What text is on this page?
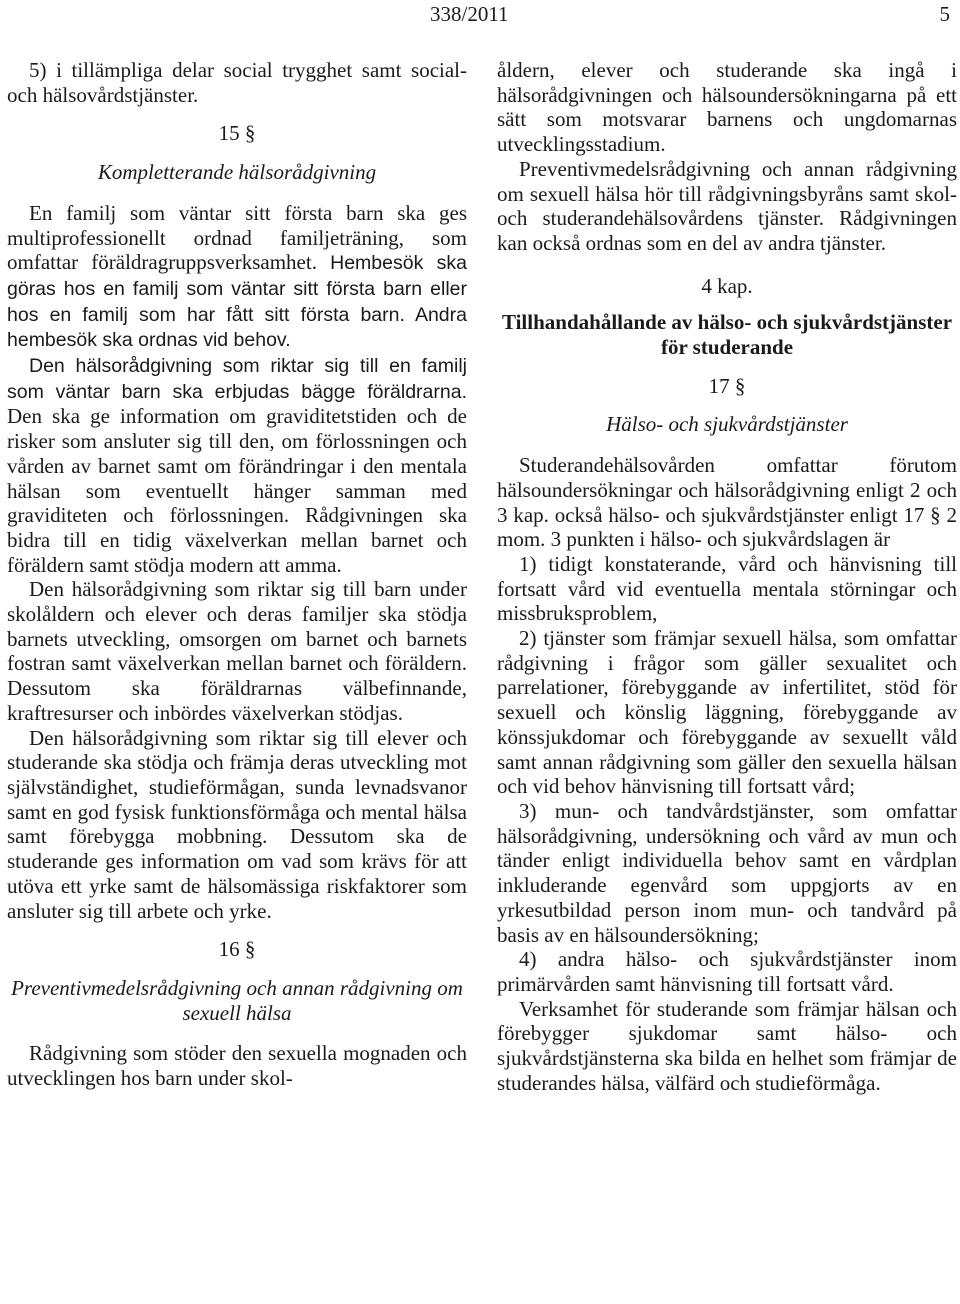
338/2011	5

5) i tillämpliga delar social trygghet samt social- och hälsovårdstjänster.

15 §

Kompletterande hälsorådgivning

En familj som väntar sitt första barn ska ges multiprofessionellt ordnad familjeträning, som omfattar föräldragruppsverksamhet. Hembesök ska göras hos en familj som väntar sitt första barn eller hos en familj som har fått sitt första barn. Andra hembesök ska ordnas vid behov.

Den hälsorådgivning som riktar sig till en familj som väntar barn ska erbjudas bägge föräldrarna. Den ska ge information om graviditetstiden och de risker som ansluter sig till den, om förlossningen och vården av barnet samt om förändringar i den mentala hälsan som eventuellt hänger samman med graviditeten och förlossningen. Rådgivningen ska bidra till en tidig växelverkan mellan barnet och föräldern samt stödja modern att amma.

Den hälsorådgivning som riktar sig till barn under skolåldern och elever och deras familjer ska stödja barnets utveckling, omsorgen om barnet och barnets fostran samt växelverkan mellan barnet och föräldern. Dessutom ska föräldrarnas välbefinnande, kraftresurser och inbördes växelverkan stödjas.

Den hälsorådgivning som riktar sig till elever och studerande ska stödja och främja deras utveckling mot självständighet, studieförmågan, sunda levnadsvanor samt en god fysisk funktionsförmåga och mental hälsa samt förebygga mobbning. Dessutom ska de studerande ges information om vad som krävs för att utöva ett yrke samt de hälsomässiga riskfaktorer som ansluter sig till arbete och yrke.

16 §

Preventivmedelsrådgivning och annan rådgivning om sexuell hälsa

Rådgivning som stöder den sexuella mognaden och utvecklingen hos barn under skol-

åldern, elever och studerande ska ingå i hälsorådgivningen och hälsoundersökningarna på ett sätt som motsvarar barnens och ungdomarnas utvecklingsstadium.

Preventivmedelsrådgivning och annan rådgivning om sexuell hälsa hör till rådgivningsbyråns samt skol- och studerandehälsovårdens tjänster. Rådgivningen kan också ordnas som en del av andra tjänster.

4 kap.

Tillhandahållande av hälso- och sjukvårdstjänster för studerande

17 §

Hälso- och sjukvårdstjänster

Studerandehälsovården omfattar förutom hälsoundersökningar och hälsorådgivning enligt 2 och 3 kap. också hälso- och sjukvårdstjänster enligt 17 § 2 mom. 3 punkten i hälso- och sjukvårdslagen är

1) tidigt konstaterande, vård och hänvisning till fortsatt vård vid eventuella mentala störningar och missbruksproblem,

2) tjänster som främjar sexuell hälsa, som omfattar rådgivning i frågor som gäller sexualitet och parrelationer, förebyggande av infertilitet, stöd för sexuell och könslig läggning, förebyggande av könssjukdomar och förebyggande av sexuellt våld samt annan rådgivning som gäller den sexuella hälsan och vid behov hänvisning till fortsatt vård;

3) mun- och tandvårdstjänster, som omfattar hälsorådgivning, undersökning och vård av mun och tänder enligt individuella behov samt en vårdplan inkluderande egenvård som uppgjorts av en yrkesutbildad person inom mun- och tandvård på basis av en hälsoundersökning;

4) andra hälso- och sjukvårdstjänster inom primärvården samt hänvisning till fortsatt vård.

Verksamhet för studerande som främjar hälsan och förebygger sjukdomar samt hälso- och sjukvårdstjänsterna ska bilda en helhet som främjar de studerandes hälsa, välfärd och studieförmåga.
